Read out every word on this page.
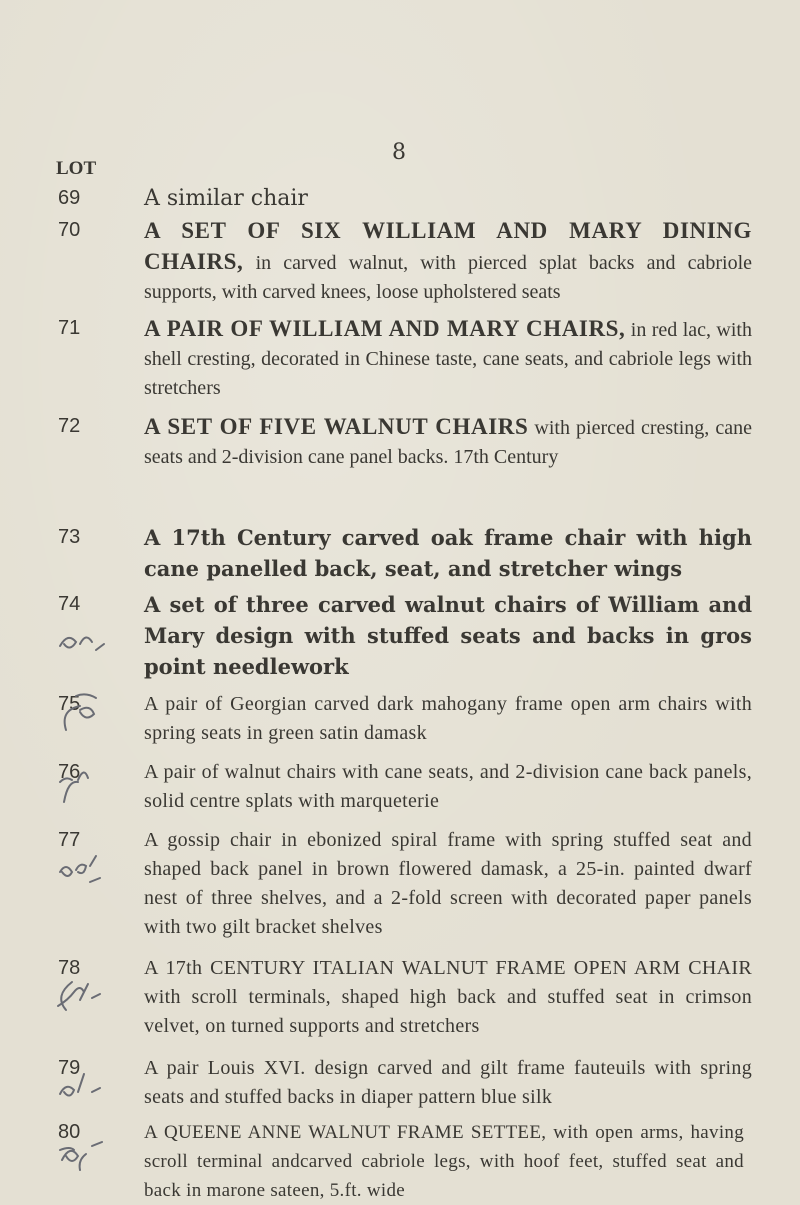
8
LOT
69	A similar chair
70	A SET OF SIX WILLIAM AND MARY DINING CHAIRS, in carved walnut, with pierced splat backs and cabriole supports, with carved knees, loose upholstered seats
71	A PAIR OF WILLIAM AND MARY CHAIRS, in red lac, with shell cresting, decorated in Chinese taste, cane seats, and cabriole legs with stretchers
72	A SET OF FIVE WALNUT CHAIRS with pierced cresting, cane seats and 2-division cane panel backs. 17th Century
73	A 17th Century carved oak frame chair with high cane panelled back, seat, and stretcher wings
74	A set of three carved walnut chairs of William and Mary design with stuffed seats and backs in gros point needlework
75	A pair of Georgian carved dark mahogany frame open arm chairs with spring seats in green satin damask
76	A pair of walnut chairs with cane seats, and 2-division cane back panels, solid centre splats with marqueterie
77	A gossip chair in ebonized spiral frame with spring stuffed seat and shaped back panel in brown flowered damask, a 25-in. painted dwarf nest of three shelves, and a 2-fold screen with decorated paper panels with two gilt bracket shelves
78	A 17th CENTURY ITALIAN WALNUT FRAME OPEN ARM CHAIR with scroll terminals, shaped high back and stuffed seat in crimson velvet, on turned supports and stretchers
79	A pair Louis XVI. design carved and gilt frame fauteuils with spring seats and stuffed backs in diaper pattern blue silk
80	A QUEENE ANNE WALNUT FRAME SETTEE, with open arms, having scroll terminal andcarved cabriole legs, with hoof feet, stuffed seat and back in marone sateen, 5.ft. wide
